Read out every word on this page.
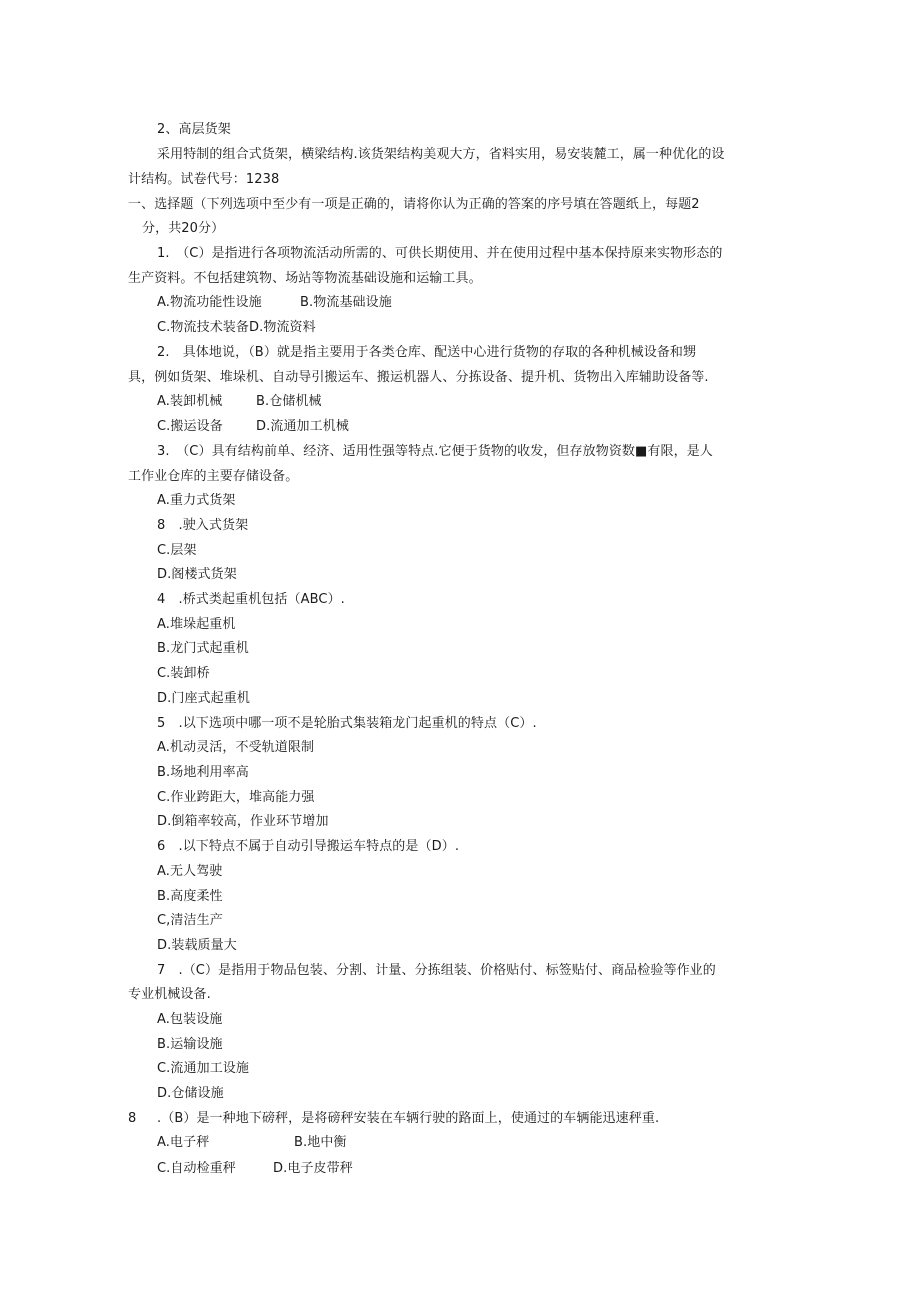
2、高层货架
采用特制的组合式货架，横梁结构.该货架结构美观大方，省料实用，易安装麓工，属一种优化的设
计结构。试卷代号：1238
一、选择题（下列选项中至少有一项是正确的，请将你认为正确的答案的序号填在答题纸上，每题2
分，共20分）
1.　（C）是指进行各项物流活动所需的、可供长期使用、并在使用过程中基本保持原来实物形态的
生产资料。不包括建筑物、场站等物流基础设施和运输工具。
A.物流功能性设施	B.物流基础设施
C.物流技术装备D.物流资料
2.　具体地说，（B）就是指主要用于各类仓库、配送中心进行货物的存取的各种机械设备和甥
具，例如货架、堆垛机、自动导引搬运车、搬运机器人、分拣设备、提升机、货物出入库辅助设备等.
A.装卸机械	B.仓储机械
C.搬运设备	D.流通加工机械
3.　（C）具有结构前单、经济、适用性强等特点.它便于货物的收发，但存放物资数■有限，是人
工作业仓库的主要存储设备。
A.重力式货架
8　.驶入式货架
C.层架
D.阁楼式货架
4　.桥式类起重机包括（ABC）.
A.堆垛起重机
B.龙门式起重机
C.装卸桥
D.门座式起重机
5　.以下选项中哪一项不是轮胎式集装箱龙门起重机的特点（C）.
A.机动灵活，不受轨道限制
B.场地利用率高
C.作业跨距大，堆高能力强
D.倒箱率较高，作业环节增加
6　.以下特点不属于自动引导搬运车特点的是（D）.
A.无人驾驶
B.高度柔性
C,清洁生产
D.装载质量大
7　.（C）是指用于物品包装、分割、计量、分拣组装、价格贴付、标签贴付、商品检验等作业的
专业机械设备.
A.包装设施
B.运输设施
C.流通加工设施
D.仓储设施
8 .（B）是一种地下磅秤，是将磅秤安装在车辆行驶的路面上，使通过的车辆能迅速秤重.
A.电子秤	B.地中衡
C.自动检重秤	D.电子皮带秤
